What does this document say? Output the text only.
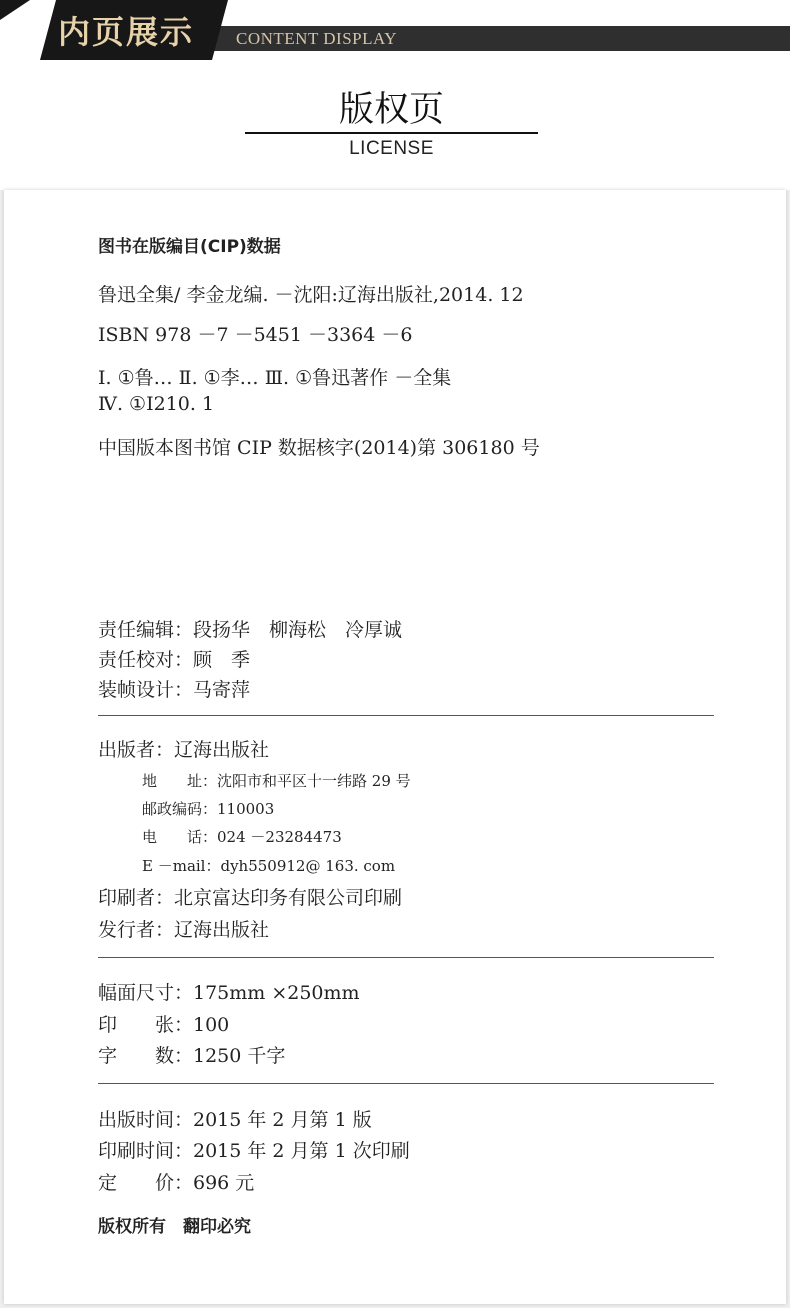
内页展示 CONTENT DISPLAY
版权页
LICENSE
图书在版编目(CIP)数据
鲁迅全集/ 李金龙编. －沈阳:辽海出版社,2014. 12
ISBN 978 －7 －5451 －3364 －6
Ⅰ. ①鲁… Ⅱ. ①李… Ⅲ. ①鲁迅著作 －全集
Ⅳ. ①I210. 1
中国版本图书馆 CIP 数据核字(2014)第 306180 号
责任编辑：段扬华　柳海松　冷厚诚
责任校对：顾　季
装帧设计：马寄萍
出版者：辽海出版社
地　　址：沈阳市和平区十一纬路 29 号
邮政编码：110003
电　　话：024 －23284473
E －mail：dyh550912@ 163. com
印刷者：北京富达印务有限公司印刷
发行者：辽海出版社
幅面尺寸：175mm ×250mm
印　　张：100
字　　数：1250 千字
出版时间：2015 年 2 月第 1 版
印刷时间：2015 年 2 月第 1 次印刷
定　　价：696 元
版权所有　翻印必究
